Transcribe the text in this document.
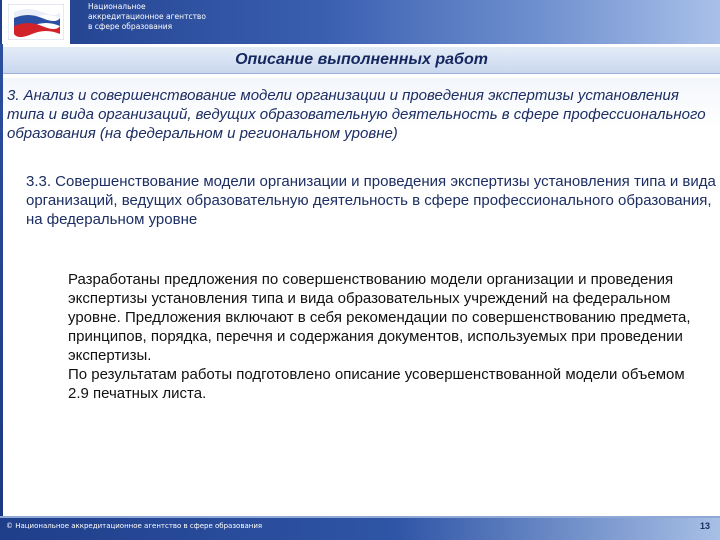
Национальное
аккредитационное агентство
в сфере образования
Описание выполненных работ
3. Анализ и совершенствование модели организации и проведения экспертизы установления типа и вида организаций, ведущих образовательную деятельность в сфере профессионального образования (на федеральном и региональном уровне)
3.3. Совершенствование модели организации и проведения экспертизы установления типа и вида организаций, ведущих образовательную деятельность в сфере профессионального образования, на федеральном уровне
Разработаны предложения по совершенствованию модели организации и проведения экспертизы установления типа и вида образовательных учреждений на федеральном уровне. Предложения включают в себя рекомендации по совершенствованию предмета, принципов, порядка, перечня и содержания документов, используемых при проведении экспертизы.
По результатам работы подготовлено описание усовершенствованной модели объемом 2.9 печатных листа.
© Национальное аккредитационное агентство в сфере образования	13
